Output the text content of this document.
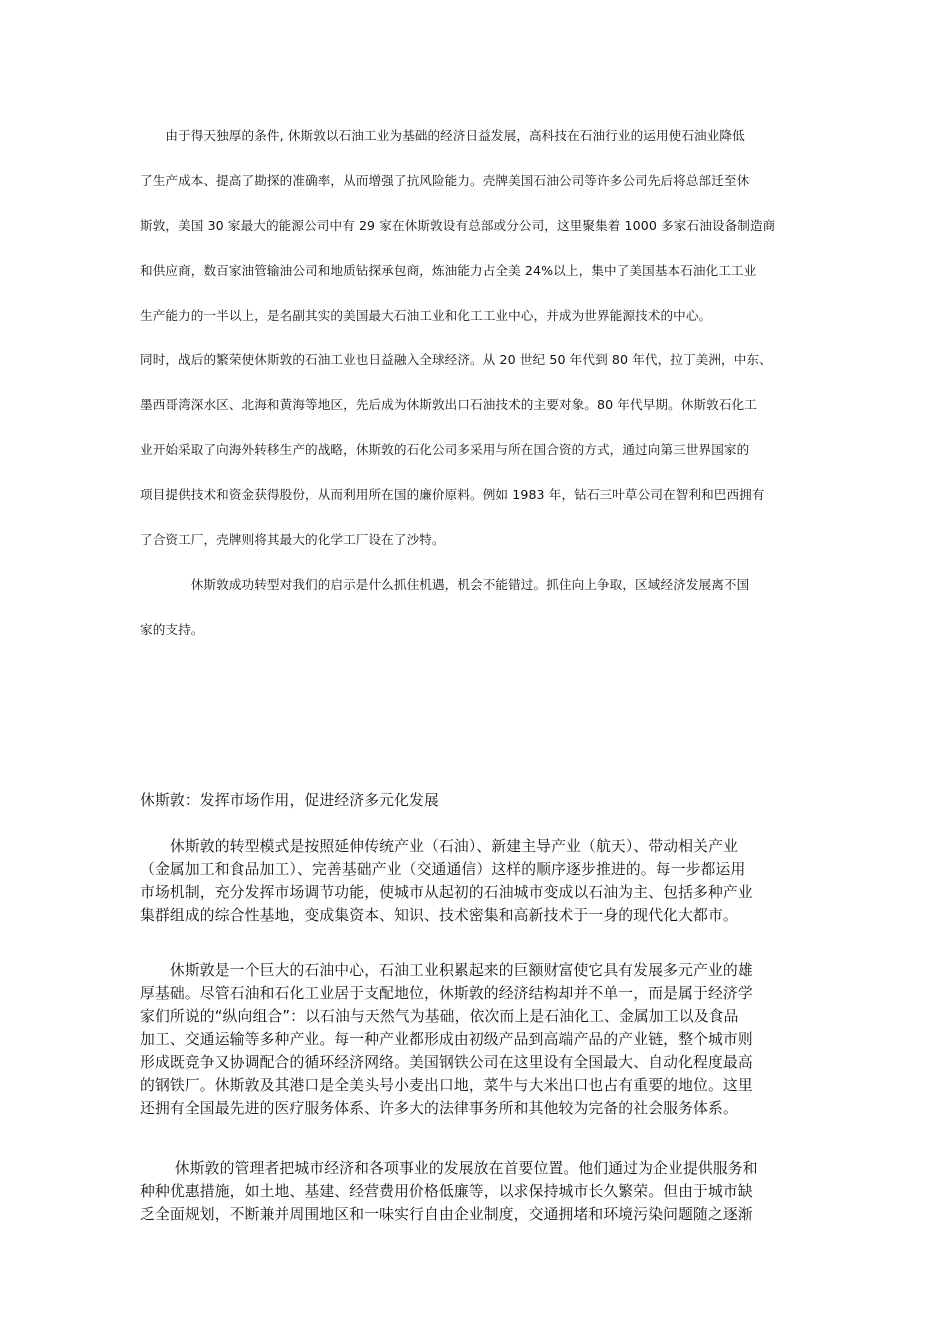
　　由于得天独厚的条件, 休斯敦以石油工业为基础的经济日益发展，高科技在石油行业的运用使石油业降低
了生产成本、提高了勘探的准确率，从而增强了抗风险能力。壳牌美国石油公司等许多公司先后将总部迁至休
斯敦，美国 30 家最大的能源公司中有 29 家在休斯敦设有总部或分公司，这里聚集着 1000 多家石油设备制造商
和供应商，数百家油管输油公司和地质钻探承包商，炼油能力占全美 24%以上，集中了美国基本石油化工工业
生产能力的一半以上，是名副其实的美国最大石油工业和化工工业中心，并成为世界能源技术的中心。
同时，战后的繁荣使休斯敦的石油工业也日益融入全球经济。从 20 世纪 50 年代到 80 年代，拉丁美洲，中东、
墨西哥湾深水区、北海和黄海等地区，先后成为休斯敦出口石油技术的主要对象。80 年代早期。休斯敦石化工
业开始采取了向海外转移生产的战略，休斯敦的石化公司多采用与所在国合资的方式，通过向第三世界国家的
项目提供技术和资金获得股份，从而利用所在国的廉价原料。例如 1983 年，钻石三叶草公司在智利和巴西拥有
了合资工厂，壳牌则将其最大的化学工厂设在了沙特。
　　　　休斯敦成功转型对我们的启示是什么抓住机遇，机会不能错过。抓住向上争取，区域经济发展离不国
家的支持。
休斯敦：发挥市场作用，促进经济多元化发展
　　休斯敦的转型模式是按照延伸传统产业（石油）、新建主导产业（航天）、带动相关产业
（金属加工和食品加工）、完善基础产业（交通通信）这样的顺序逐步推进的。每一步都运用
市场机制，充分发挥市场调节功能，使城市从起初的石油城市变成以石油为主、包括多种产业
集群组成的综合性基地，变成集资本、知识、技术密集和高新技术于一身的现代化大都市。
　　休斯敦是一个巨大的石油中心，石油工业积累起来的巨额财富使它具有发展多元产业的雄
厚基础。尽管石油和石化工业居于支配地位，休斯敦的经济结构却并不单一，而是属于经济学
家们所说的“纵向组合”：以石油与天然气为基础，依次而上是石油化工、金属加工以及食品
加工、交通运输等多种产业。每一种产业都形成由初级产品到高端产品的产业链，整个城市则
形成既竞争又协调配合的循环经济网络。美国钢铁公司在这里设有全国最大、自动化程度最高
的钢铁厂。休斯敦及其港口是全美头号小麦出口地，菜牛与大米出口也占有重要的地位。这里
还拥有全国最先进的医疗服务体系、许多大的法律事务所和其他较为完备的社会服务体系。
　　 休斯敦的管理者把城市经济和各项事业的发展放在首要位置。他们通过为企业提供服务和
种种优惠措施，如土地、基建、经营费用价格低廉等，以求保持城市长久繁荣。但由于城市缺
乏全面规划，不断兼并周围地区和一味实行自由企业制度，交通拥堵和环境污染问题随之逐渐
